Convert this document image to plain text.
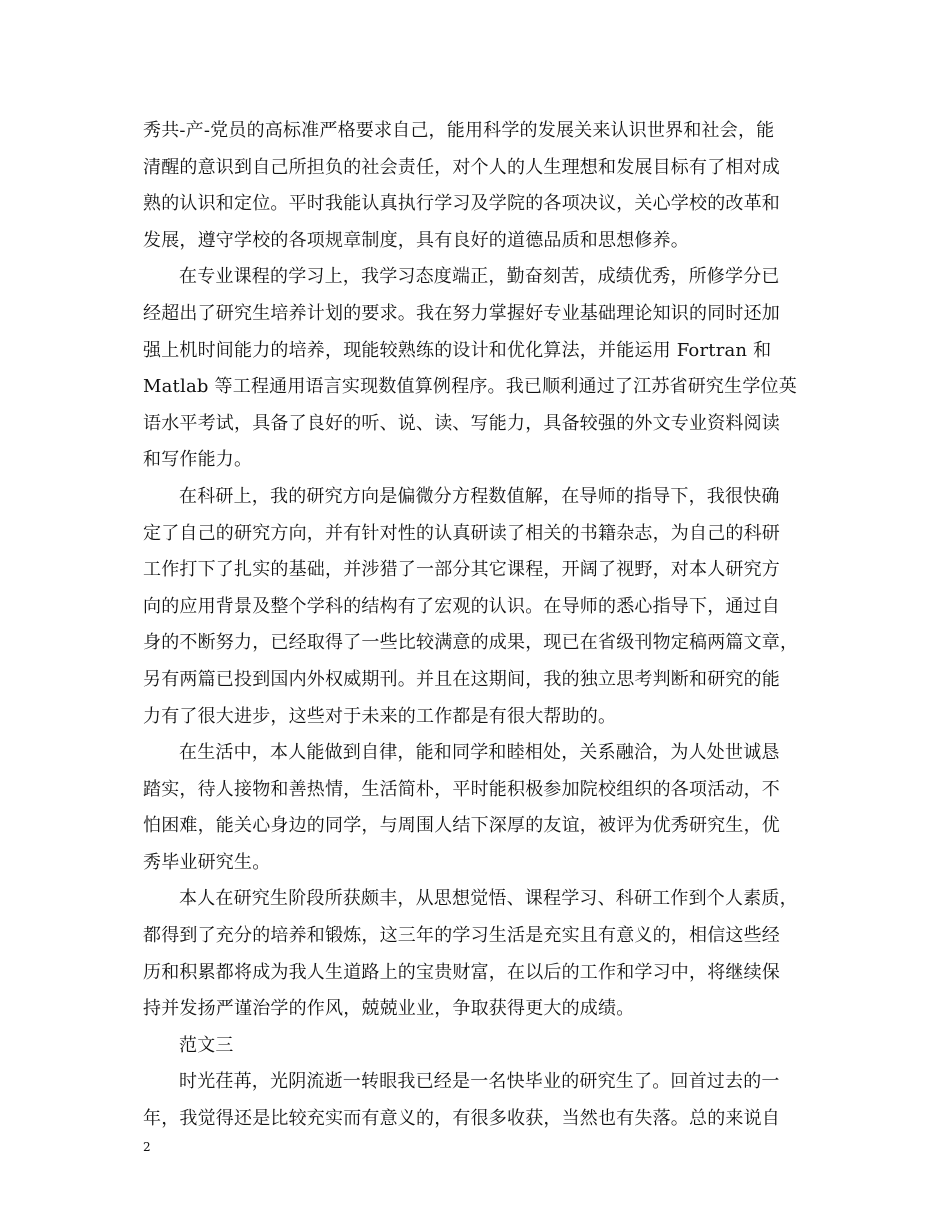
秀共-产-党员的高标准严格要求自己，能用科学的发展关来认识世界和社会，能

清醒的意识到自己所担负的社会责任，对个人的人生理想和发展目标有了相对成

熟的认识和定位。平时我能认真执行学习及学院的各项决议，关心学校的改革和

发展，遵守学校的各项规章制度，具有良好的道德品质和思想修养。

在专业课程的学习上，我学习态度端正，勤奋刻苦，成绩优秀，所修学分已

经超出了研究生培养计划的要求。我在努力掌握好专业基础理论知识的同时还加

强上机时间能力的培养，现能较熟练的设计和优化算法，并能运用 Fortran 和

Matlab 等工程通用语言实现数值算例程序。我已顺利通过了江苏省研究生学位英

语水平考试，具备了良好的听、说、读、写能力，具备较强的外文专业资料阅读

和写作能力。

在科研上，我的研究方向是偏微分方程数值解，在导师的指导下，我很快确

定了自己的研究方向，并有针对性的认真研读了相关的书籍杂志，为自己的科研

工作打下了扎实的基础，并涉猎了一部分其它课程，开阔了视野，对本人研究方

向的应用背景及整个学科的结构有了宏观的认识。在导师的悉心指导下，通过自

身的不断努力，已经取得了一些比较满意的成果，现已在省级刊物定稿两篇文章，

另有两篇已投到国内外权威期刊。并且在这期间，我的独立思考判断和研究的能

力有了很大进步，这些对于未来的工作都是有很大帮助的。

在生活中，本人能做到自律，能和同学和睦相处，关系融洽，为人处世诚恳

踏实，待人接物和善热情，生活简朴，平时能积极参加院校组织的各项活动，不

怕困难，能关心身边的同学，与周围人结下深厚的友谊，被评为优秀研究生，优

秀毕业研究生。

本人在研究生阶段所获颇丰，从思想觉悟、课程学习、科研工作到个人素质，

都得到了充分的培养和锻炼，这三年的学习生活是充实且有意义的，相信这些经

历和积累都将成为我人生道路上的宝贵财富，在以后的工作和学习中，将继续保

持并发扬严谨治学的作风，兢兢业业，争取获得更大的成绩。

范文三

时光荏苒，光阴流逝一转眼我已经是一名快毕业的研究生了。回首过去的一

年，我觉得还是比较充实而有意义的，有很多收获，当然也有失落。总的来说自

2
